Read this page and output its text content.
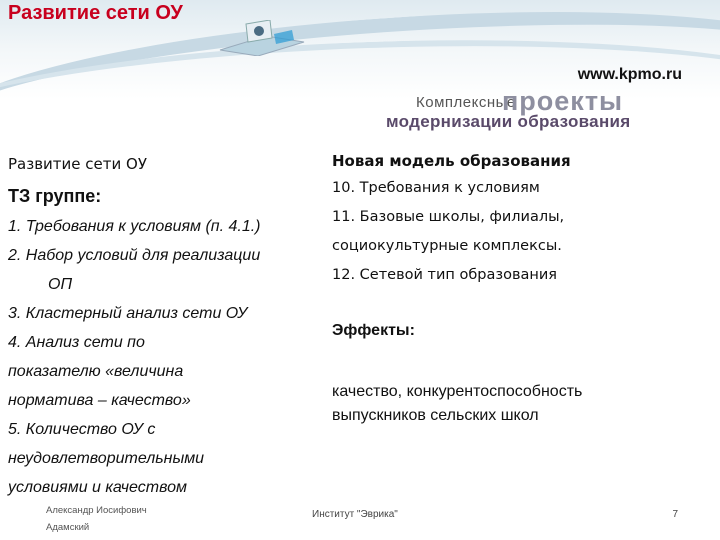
Развитие сети ОУ
www.kpmo.ru
Комплексные
проекты
модернизации образования

Развитие сети ОУ

ТЗ группе:

1. Требования к условиям (п. 4.1.)

2. Набор условий для реализации

ОП

3. Кластерный анализ сети ОУ

4. Анализ сети по

показателю «величина

норматива – качество»

5. Количество ОУ с

неудовлетворительными

условиями и качеством

Новая модель образования

10. Требования к условиям

11. Базовые школы, филиалы,

социокультурные комплексы.

12. Сетевой тип образования

Эффекты:

качество, конкурентоспособность
выпускников сельских школ

Александр Иосифович
Адамский
Институт "Эврика"	7
